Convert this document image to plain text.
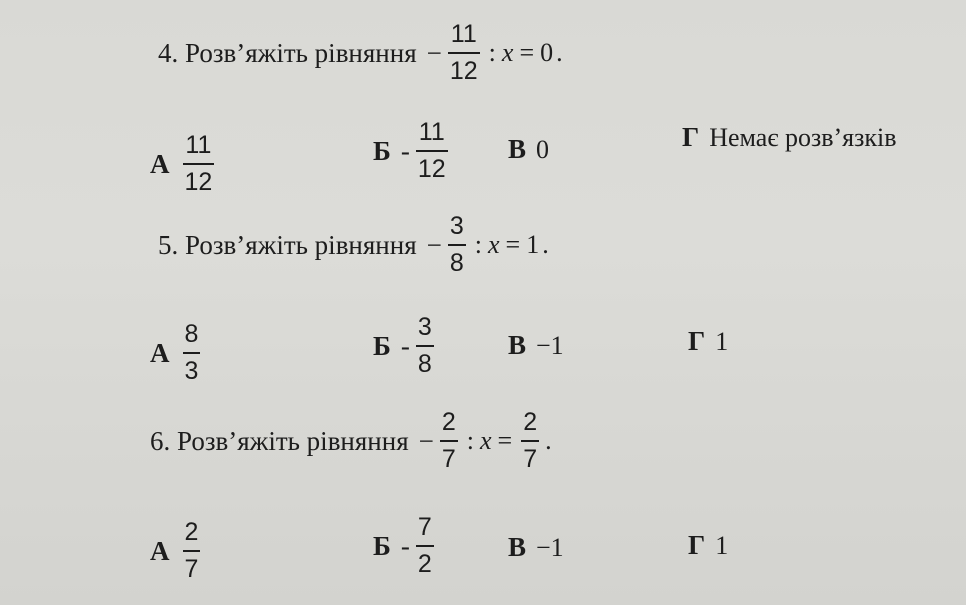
4. Розв’яжіть рівняння − $\frac{11}{12}$ : x = 0 .
А $\frac{11}{12}$	Б - $\frac{11}{12}$ В 0	Г Немає розв’язків
5. Розв’яжіть рівняння − $\frac{3}{8}$ : x = 1 .
А $\frac{8}{3}$	Б - $\frac{3}{8}$	В −1	Г 1
6. Розв’яжіть рівняння − $\frac{2}{7}$ : $x = \frac{2}{7}$ .
А $\frac{2}{7}$	Б - $\frac{7}{2}$	В −1	Г 1
